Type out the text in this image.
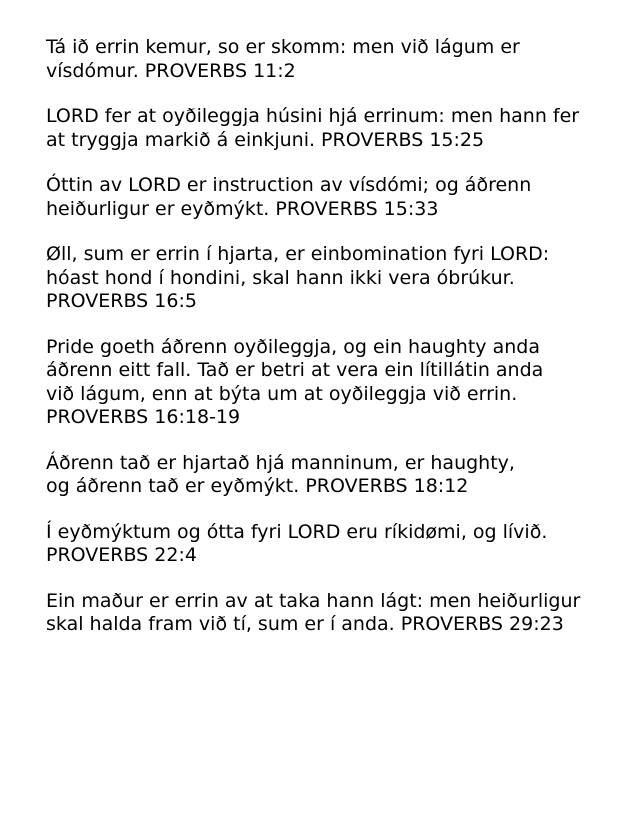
Tá ið errin kemur, so er skomm: men við lágum er
vísdómur. PROVERBS 11:2

LORD fer at oyðileggja húsini hjá errinum: men hann fer
at tryggja markið á einkjuni. PROVERBS 15:25

Óttin av LORD er instruction av vísdómi; og áðrenn
heiðurligur er eyðmýkt. PROVERBS 15:33

Øll, sum er errin í hjarta, er einbomination fyri LORD:
hóast hond í hondini, skal hann ikki vera óbrúkur.
PROVERBS 16:5

Pride goeth áðrenn oyðileggja, og ein haughty anda
áðrenn eitt fall. Tað er betri at vera ein lítillátin anda
við lágum, enn at býta um at oyðileggja við errin.
PROVERBS 16:18-19

Áðrenn tað er hjartað hjá manninum, er haughty,
og áðrenn tað er eyðmýkt. PROVERBS 18:12

Í eyðmýktum og ótta fyri LORD eru ríkidømi, og lívið.
PROVERBS 22:4

Ein maður er errin av at taka hann lágt: men heiðurligur
skal halda fram við tí, sum er í anda. PROVERBS 29:23
